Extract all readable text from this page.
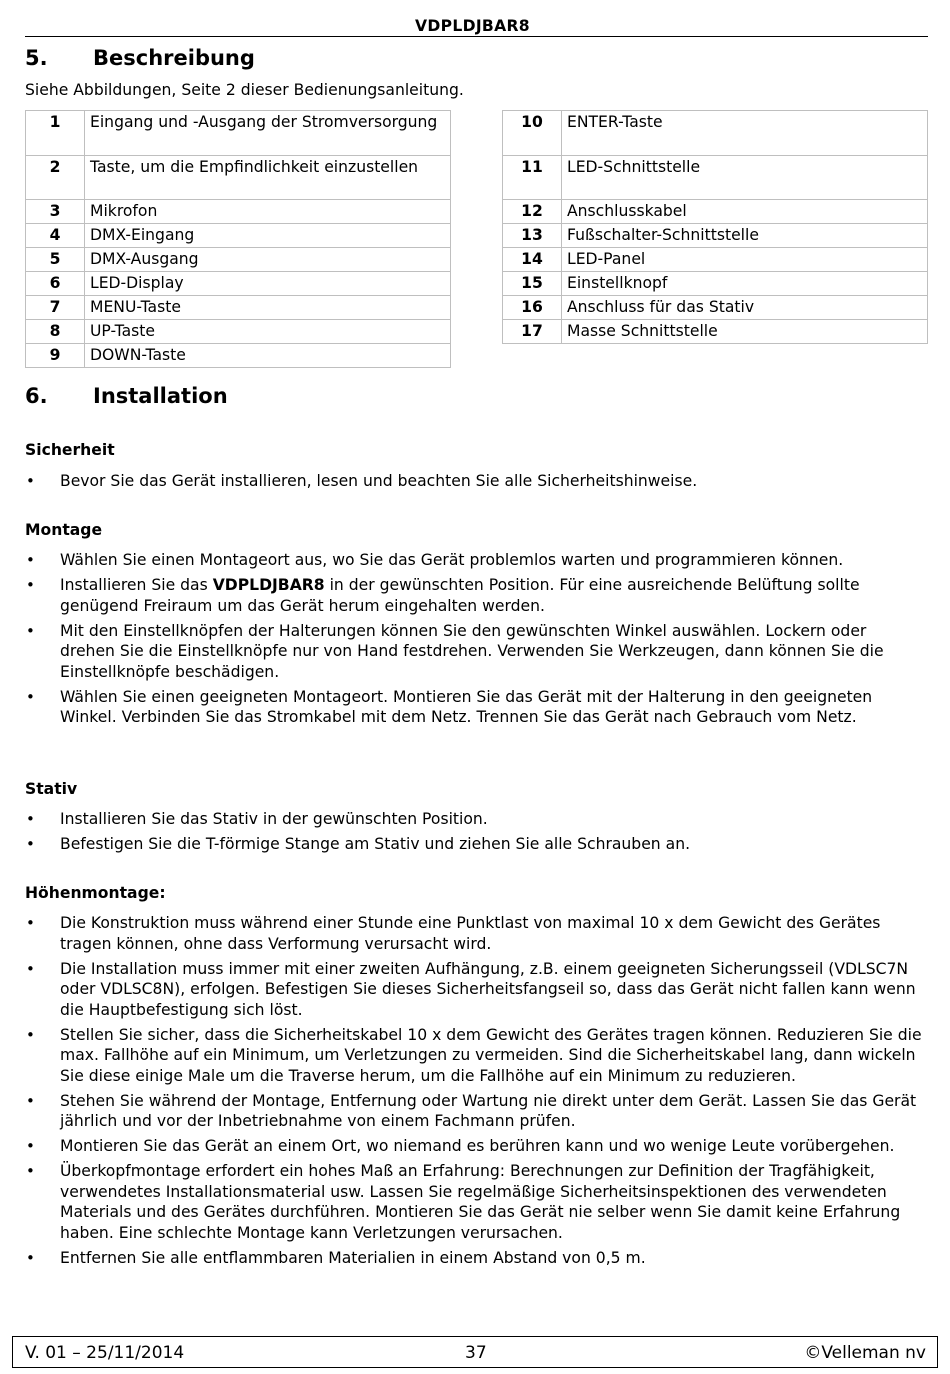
VDPLDJBAR8
5. Beschreibung

Siehe Abbildungen, Seite 2 dieser Bedienungsanleitung.

1	Eingang und -Ausgang der Stromversorgung
2	Taste, um die Empfindlichkeit einzustellen
3	Mikrofon
4	DMX-Eingang
5	DMX-Ausgang
6	LED-Display
7	MENU-Taste
8	UP-Taste
9	DOWN-Taste
10	ENTER-Taste
11	LED-Schnittstelle
12	Anschlusskabel
13	Fußschalter-Schnittstelle
14	LED-Panel
15	Einstellknopf
16	Anschluss für das Stativ
17	Masse Schnittstelle
6. Installation
Sicherheit
• Bevor Sie das Gerät installieren, lesen und beachten Sie alle Sicherheitshinweise.
Montage
• Wählen Sie einen Montageort aus, wo Sie das Gerät problemlos warten und programmieren können.
• Installieren Sie das VDPLDJBAR8 in der gewünschten Position. Für eine ausreichende Belüftung sollte genügend Freiraum um das Gerät herum eingehalten werden.
• Mit den Einstellknöpfen der Halterungen können Sie den gewünschten Winkel auswählen. Lockern oder drehen Sie die Einstellknöpfe nur von Hand festdrehen. Verwenden Sie Werkzeugen, dann können Sie die Einstellknöpfe beschädigen.
• Wählen Sie einen geeigneten Montageort. Montieren Sie das Gerät mit der Halterung in den geeigneten Winkel. Verbinden Sie das Stromkabel mit dem Netz. Trennen Sie das Gerät nach Gebrauch vom Netz.
Stativ
• Installieren Sie das Stativ in der gewünschten Position.
• Befestigen Sie die T-förmige Stange am Stativ und ziehen Sie alle Schrauben an.
Höhenmontage:
• Die Konstruktion muss während einer Stunde eine Punktlast von maximal 10 x dem Gewicht des Gerätes tragen können, ohne dass Verformung verursacht wird.
• Die Installation muss immer mit einer zweiten Aufhängung, z.B. einem geeigneten Sicherungsseil (VDLSC7N oder VDLSC8N), erfolgen. Befestigen Sie dieses Sicherheitsfangseil so, dass das Gerät nicht fallen kann wenn die Hauptbefestigung sich löst.
• Stellen Sie sicher, dass die Sicherheitskabel 10 x dem Gewicht des Gerätes tragen können. Reduzieren Sie die max. Fallhöhe auf ein Minimum, um Verletzungen zu vermeiden. Sind die Sicherheitskabel lang, dann wickeln Sie diese einige Male um die Traverse herum, um die Fallhöhe auf ein Minimum zu reduzieren.
• Stehen Sie während der Montage, Entfernung oder Wartung nie direkt unter dem Gerät. Lassen Sie das Gerät jährlich und vor der Inbetriebnahme von einem Fachmann prüfen.
• Montieren Sie das Gerät an einem Ort, wo niemand es berühren kann und wo wenige Leute vorübergehen.
• Überkopfmontage erfordert ein hohes Maß an Erfahrung: Berechnungen zur Definition der Tragfähigkeit, verwendetes Installationsmaterial usw. Lassen Sie regelmäßige Sicherheitsinspektionen des verwendeten Materials und des Gerätes durchführen. Montieren Sie das Gerät nie selber wenn Sie damit keine Erfahrung haben. Eine schlechte Montage kann Verletzungen verursachen.
• Entfernen Sie alle entflammbaren Materialien in einem Abstand von 0,5 m.
V. 01 – 25/11/2014	37	©Velleman nv
